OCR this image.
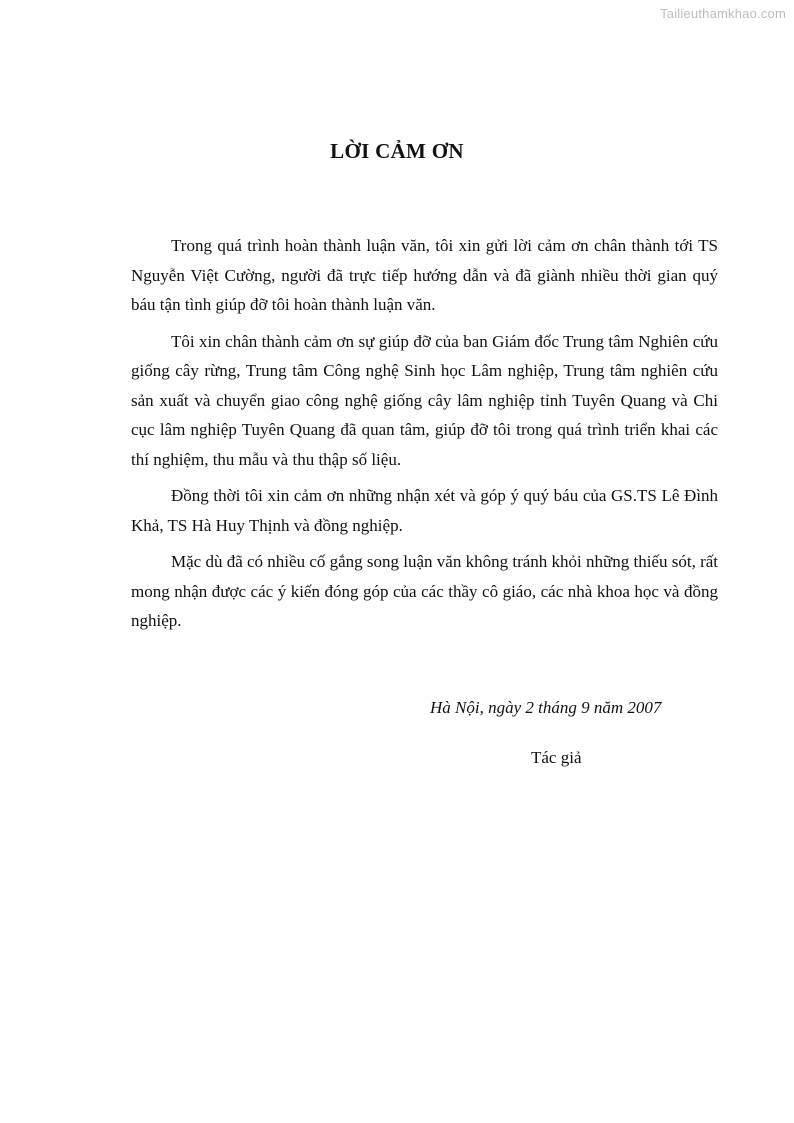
Tailieuthamkhao.com
LỜI CẢM ƠN

Trong quá trình hoàn thành luận văn, tôi xin gửi lời cảm ơn chân thành tới TS Nguyễn Việt Cường, người đã trực tiếp hướng dẫn và đã giành nhiều thời gian quý báu tận tình giúp đỡ tôi hoàn thành luận văn.

Tôi xin chân thành cảm ơn sự giúp đỡ của ban Giám đốc Trung tâm Nghiên cứu giống cây rừng, Trung tâm Công nghệ Sinh học Lâm nghiệp, Trung tâm nghiên cứu sản xuất và chuyển giao công nghệ giống cây lâm nghiệp tỉnh Tuyên Quang và Chi cục lâm nghiệp Tuyên Quang đã quan tâm, giúp đỡ tôi trong quá trình triển khai các thí nghiệm, thu mẫu và thu thập số liệu.

Đồng thời tôi xin cảm ơn những nhận xét và góp ý quý báu của GS.TS Lê Đình Khả, TS Hà Huy Thịnh và đồng nghiệp.

Mặc dù đã có nhiều cố gắng song luận văn không tránh khỏi những thiếu sót, rất mong nhận được các ý kiến đóng góp của các thầy cô giáo, các nhà khoa học và đồng nghiệp.

Hà Nội, ngày 2 tháng 9 năm 2007
Tác giả
